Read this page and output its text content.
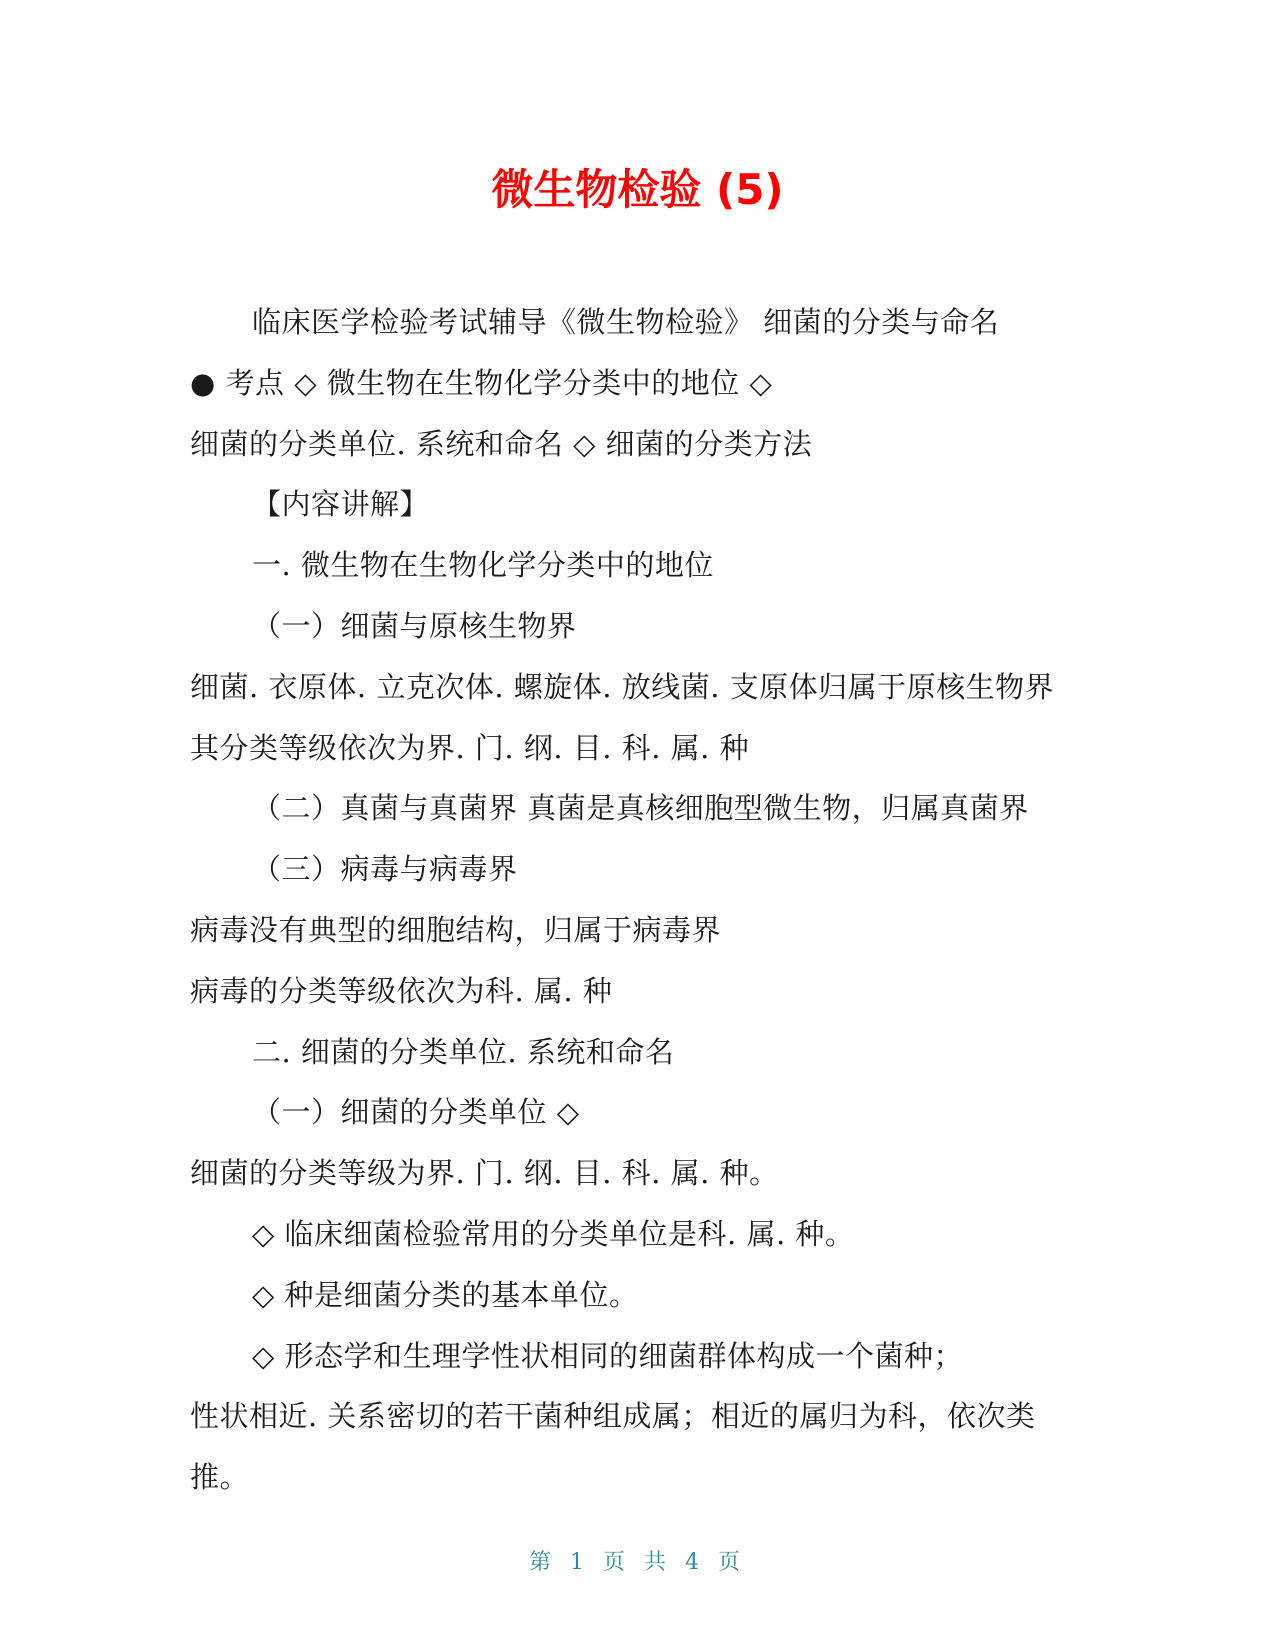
微生物检验 (5)
临床医学检验考试辅导《微生物检验》 细菌的分类与命名
● 考点 ◇ 微生物在生物化学分类中的地位 ◇
细菌的分类单位. 系统和命名 ◇ 细菌的分类方法
【内容讲解】
一. 微生物在生物化学分类中的地位
（一）细菌与原核生物界
细菌. 衣原体. 立克次体. 螺旋体. 放线菌. 支原体归属于原核生物界
其分类等级依次为界. 门. 纲. 目. 科. 属. 种
（二）真菌与真菌界 真菌是真核细胞型微生物，归属真菌界
（三）病毒与病毒界
病毒没有典型的细胞结构，归属于病毒界
病毒的分类等级依次为科. 属. 种
二. 细菌的分类单位. 系统和命名
（一）细菌的分类单位 ◇
细菌的分类等级为界. 门. 纲. 目. 科. 属. 种。
◇ 临床细菌检验常用的分类单位是科. 属. 种。
◇ 种是细菌分类的基本单位。
◇ 形态学和生理学性状相同的细菌群体构成一个菌种；
性状相近. 关系密切的若干菌种组成属；相近的属归为科，依次类
推。
第 1 页 共 4 页
